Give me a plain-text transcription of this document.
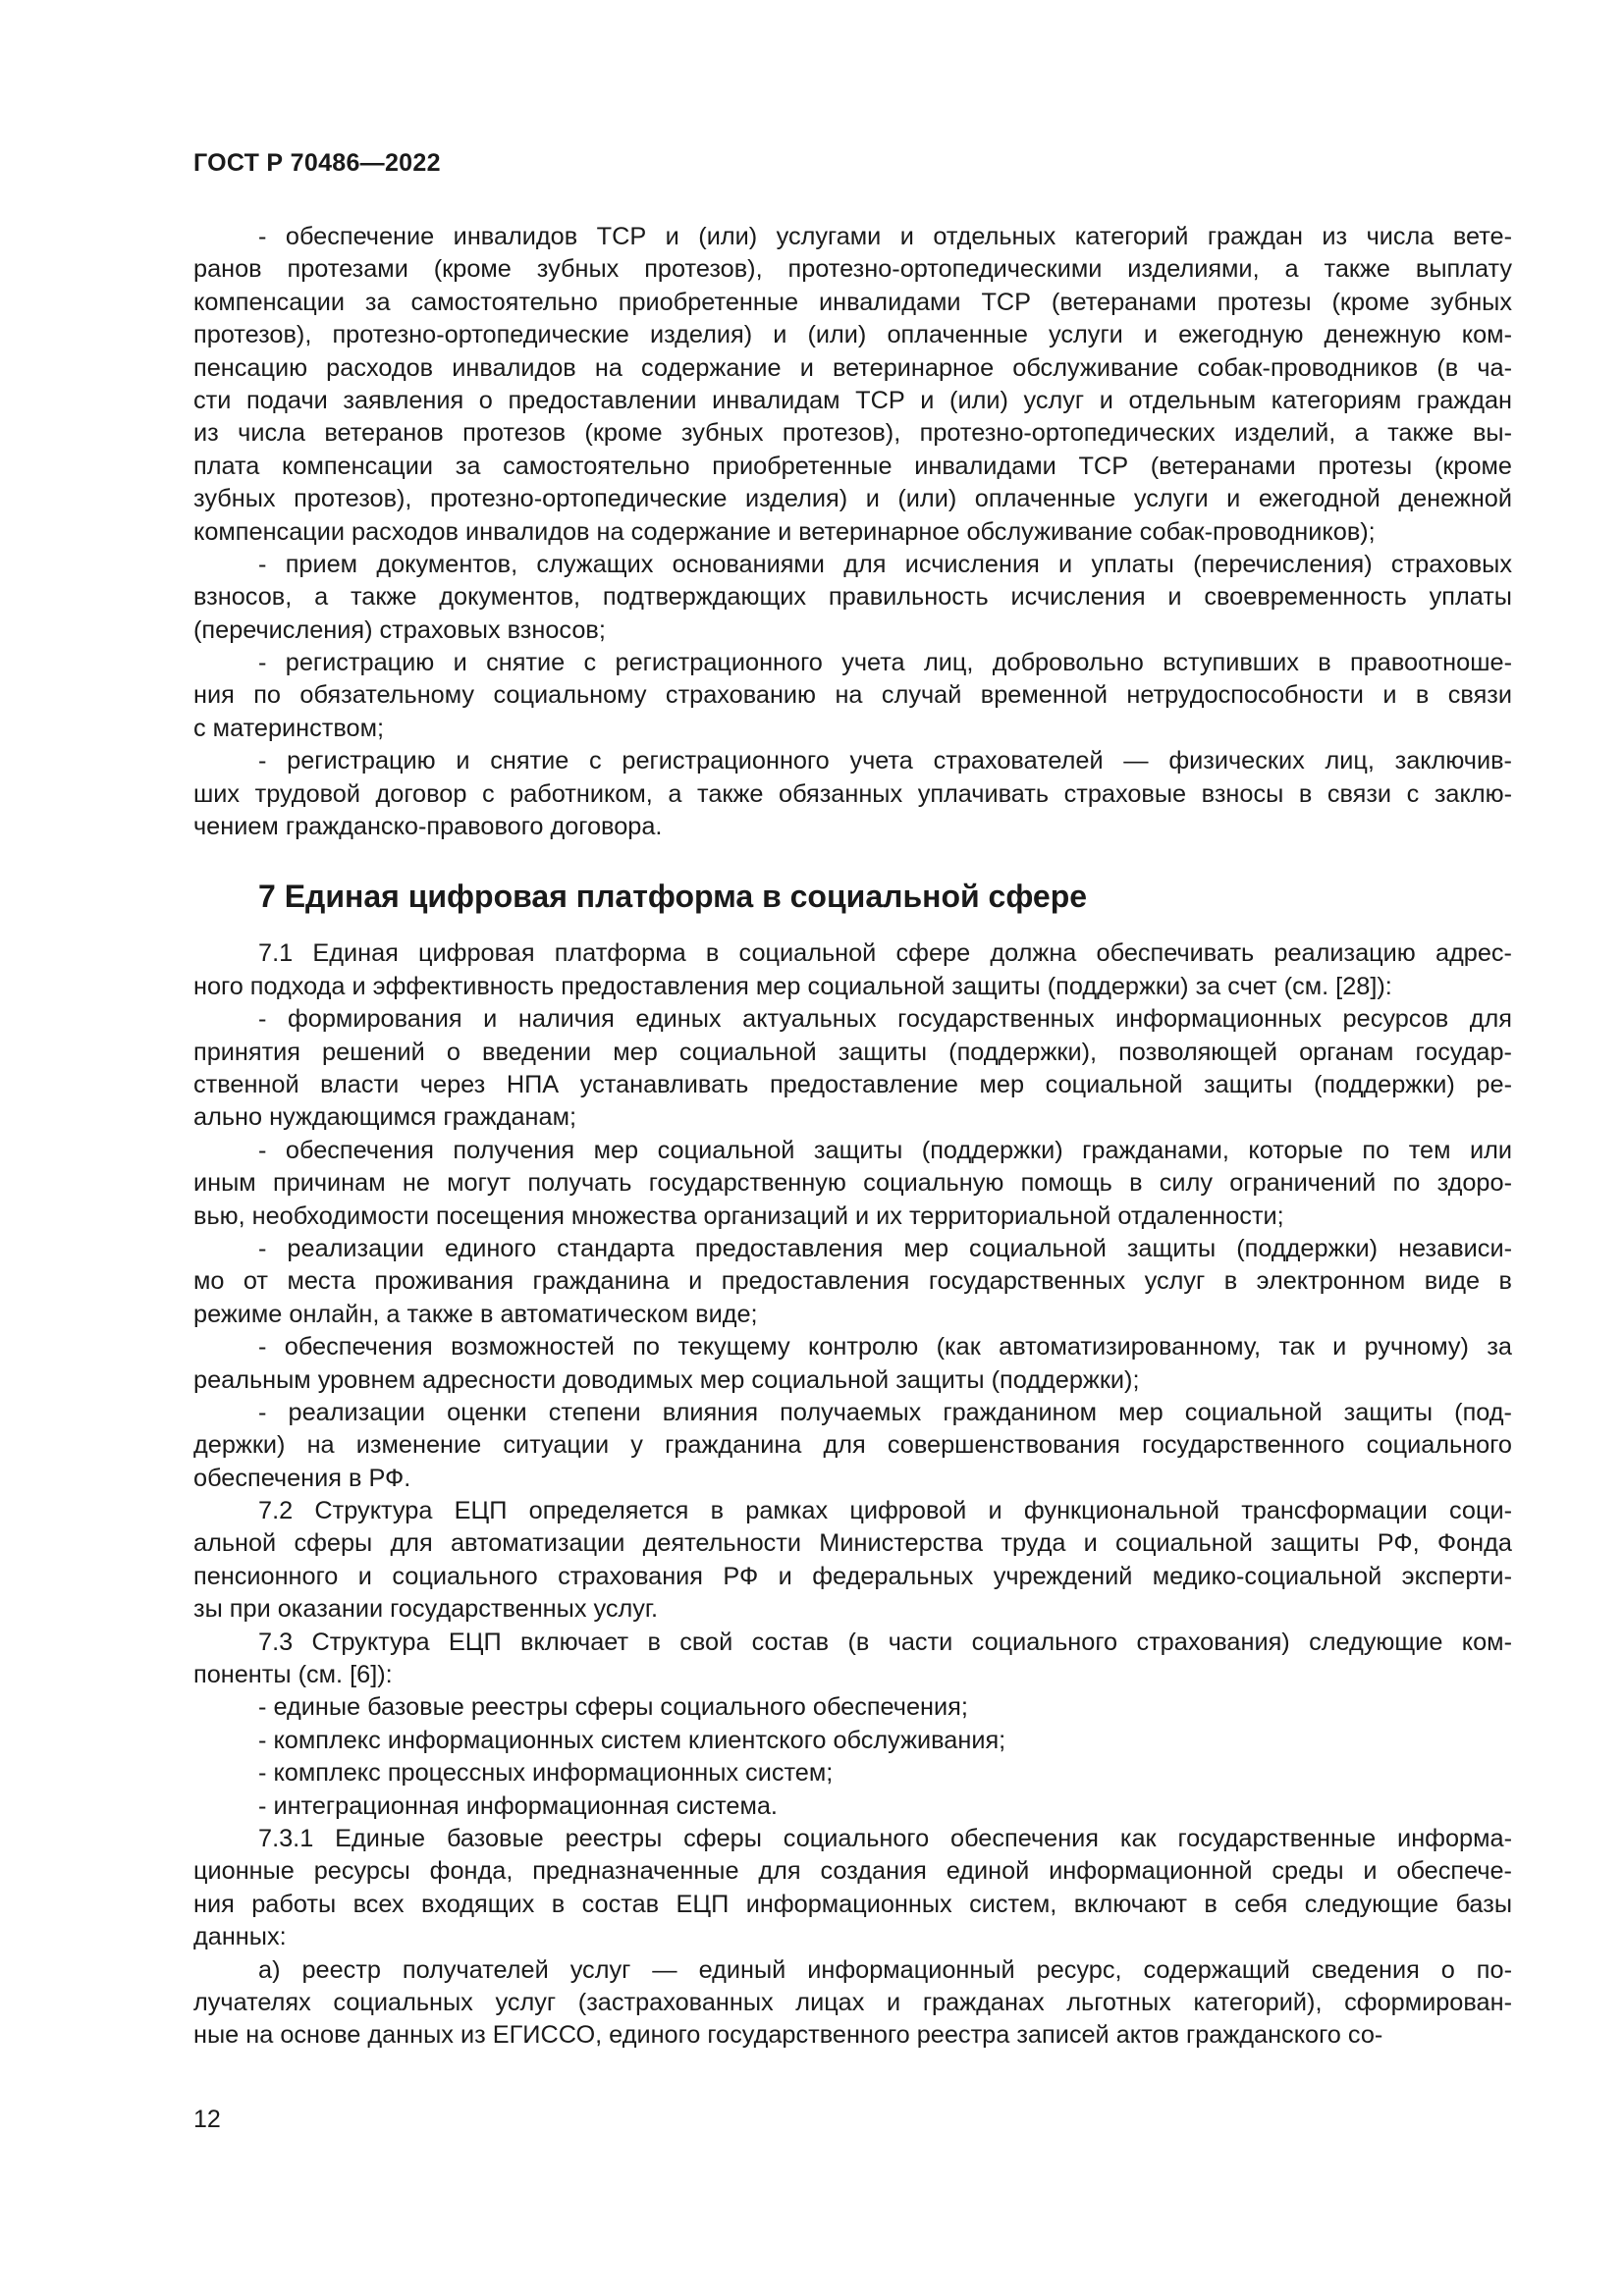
ГОСТ Р 70486—2022
- обеспечение инвалидов ТСР и (или) услугами и отдельных категорий граждан из числа вете-
ранов протезами (кроме зубных протезов), протезно-ортопедическими изделиями, а также выплату
компенсации за самостоятельно приобретенные инвалидами ТСР (ветеранами протезы (кроме зубных
протезов), протезно-ортопедические изделия) и (или) оплаченные услуги и ежегодную денежную ком-
пенсацию расходов инвалидов на содержание и ветеринарное обслуживание собак-проводников (в ча-
сти подачи заявления о предоставлении инвалидам ТСР и (или) услуг и отдельным категориям граждан
из числа ветеранов протезов (кроме зубных протезов), протезно-ортопедических изделий, а также вы-
плата компенсации за самостоятельно приобретенные инвалидами ТСР (ветеранами протезы (кроме
зубных протезов), протезно-ортопедические изделия) и (или) оплаченные услуги и ежегодной денежной
компенсации расходов инвалидов на содержание и ветеринарное обслуживание собак-проводников);
- прием документов, служащих основаниями для исчисления и уплаты (перечисления) страховых
взносов, а также документов, подтверждающих правильность исчисления и своевременность уплаты
(перечисления) страховых взносов;
- регистрацию и снятие с регистрационного учета лиц, добровольно вступивших в правоотноше-
ния по обязательному социальному страхованию на случай временной нетрудоспособности и в связи
с материнством;
- регистрацию и снятие с регистрационного учета страхователей — физических лиц, заключив-
ших трудовой договор с работником, а также обязанных уплачивать страховые взносы в связи с заклю-
чением гражданско-правового договора.
7 Единая цифровая платформа в социальной сфере
7.1 Единая цифровая платформа в социальной сфере должна обеспечивать реализацию адрес-
ного подхода и эффективность предоставления мер социальной защиты (поддержки) за счет (см. [28]):
- формирования и наличия единых актуальных государственных информационных ресурсов для
принятия решений о введении мер социальной защиты (поддержки), позволяющей органам государ-
ственной власти через НПА устанавливать предоставление мер социальной защиты (поддержки) ре-
ально нуждающимся гражданам;
- обеспечения получения мер социальной защиты (поддержки) гражданами, которые по тем или
иным причинам не могут получать государственную социальную помощь в силу ограничений по здоро-
вью, необходимости посещения множества организаций и их территориальной отдаленности;
- реализации единого стандарта предоставления мер социальной защиты (поддержки) независи-
мо от места проживания гражданина и предоставления государственных услуг в электронном виде в
режиме онлайн, а также в автоматическом виде;
- обеспечения возможностей по текущему контролю (как автоматизированному, так и ручному) за
реальным уровнем адресности доводимых мер социальной защиты (поддержки);
- реализации оценки степени влияния получаемых гражданином мер социальной защиты (под-
держки) на изменение ситуации у гражданина для совершенствования государственного социального
обеспечения в РФ.
7.2 Структура ЕЦП определяется в рамках цифровой и функциональной трансформации соци-
альной сферы для автоматизации деятельности Министерства труда и социальной защиты РФ, Фонда
пенсионного и социального страхования РФ и федеральных учреждений медико-социальной эксперти-
зы при оказании государственных услуг.
7.3 Структура ЕЦП включает в свой состав (в части социального страхования) следующие ком-
поненты (см. [6]):
- единые базовые реестры сферы социального обеспечения;
- комплекс информационных систем клиентского обслуживания;
- комплекс процессных информационных систем;
- интеграционная информационная система.
7.3.1 Единые базовые реестры сферы социального обеспечения как государственные информа-
ционные ресурсы фонда, предназначенные для создания единой информационной среды и обеспече-
ния работы всех входящих в состав ЕЦП информационных систем, включают в себя следующие базы
данных:
а) реестр получателей услуг — единый информационный ресурс, содержащий сведения о по-
лучателях социальных услуг (застрахованных лицах и гражданах льготных категорий), сформирован-
ные на основе данных из ЕГИССО, единого государственного реестра записей актов гражданского со-
12
